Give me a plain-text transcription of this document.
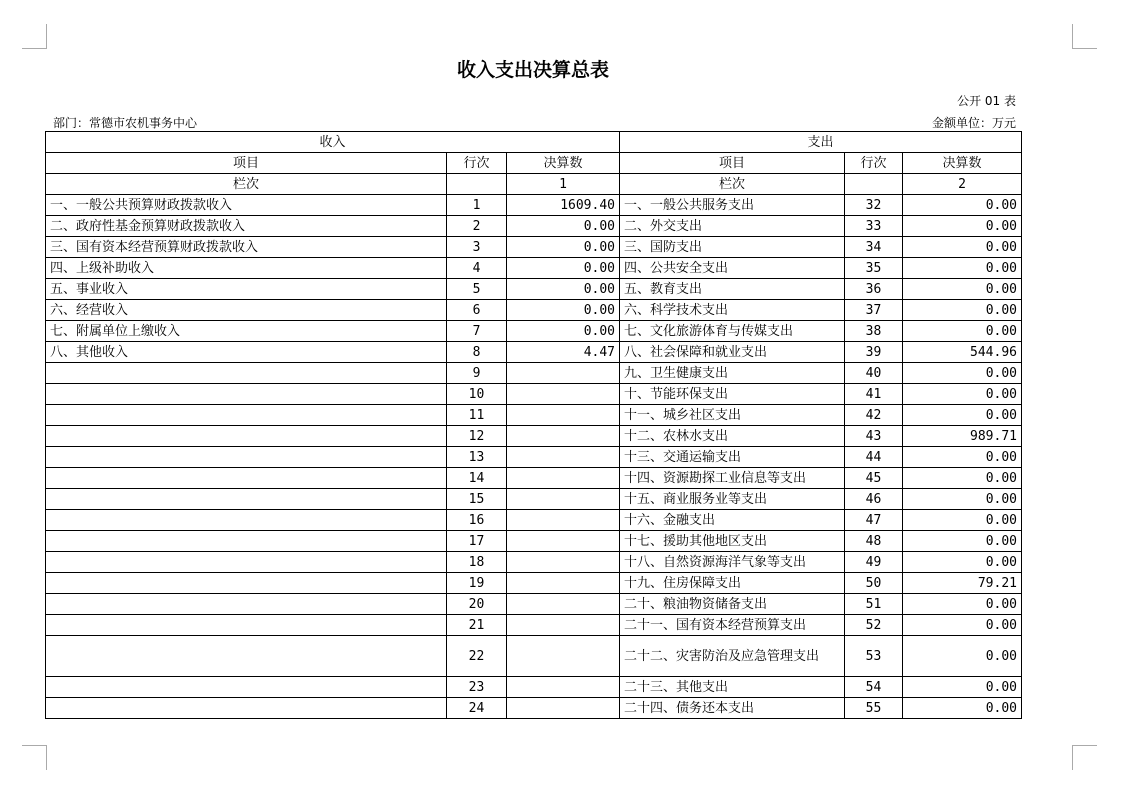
收入支出决算总表
公开 01 表
部门：常德市农机事务中心	金额单位：万元
收入			支出		
项目	行次	决算数	项目	行次	决算数
栏次		1	栏次		2
一、一般公共预算财政拨款收入	1	1609.40	一、一般公共服务支出	32	0.00
二、政府性基金预算财政拨款收入	2	0.00	二、外交支出	33	0.00
三、国有资本经营预算财政拨款收入	3	0.00	三、国防支出	34	0.00
四、上级补助收入	4	0.00	四、公共安全支出	35	0.00
五、事业收入	5	0.00	五、教育支出	36	0.00
六、经营收入	6	0.00	六、科学技术支出	37	0.00
七、附属单位上缴收入	7	0.00	七、文化旅游体育与传媒支出	38	0.00
八、其他收入	8	4.47	八、社会保障和就业支出	39	544.96
	9		九、卫生健康支出	40	0.00
	10		十、节能环保支出	41	0.00
	11		十一、城乡社区支出	42	0.00
	12		十二、农林水支出	43	989.71
	13		十三、交通运输支出	44	0.00
	14		十四、资源勘探工业信息等支出	45	0.00
	15		十五、商业服务业等支出	46	0.00
	16		十六、金融支出	47	0.00
	17		十七、援助其他地区支出	48	0.00
	18		十八、自然资源海洋气象等支出	49	0.00
	19		十九、住房保障支出	50	79.21
	20		二十、粮油物资储备支出	51	0.00
	21		二十一、国有资本经营预算支出	52	0.00
	22		二十二、灾害防治及应急管理支出	53	0.00
	23		二十三、其他支出	54	0.00
	24		二十四、债务还本支出	55	0.00
